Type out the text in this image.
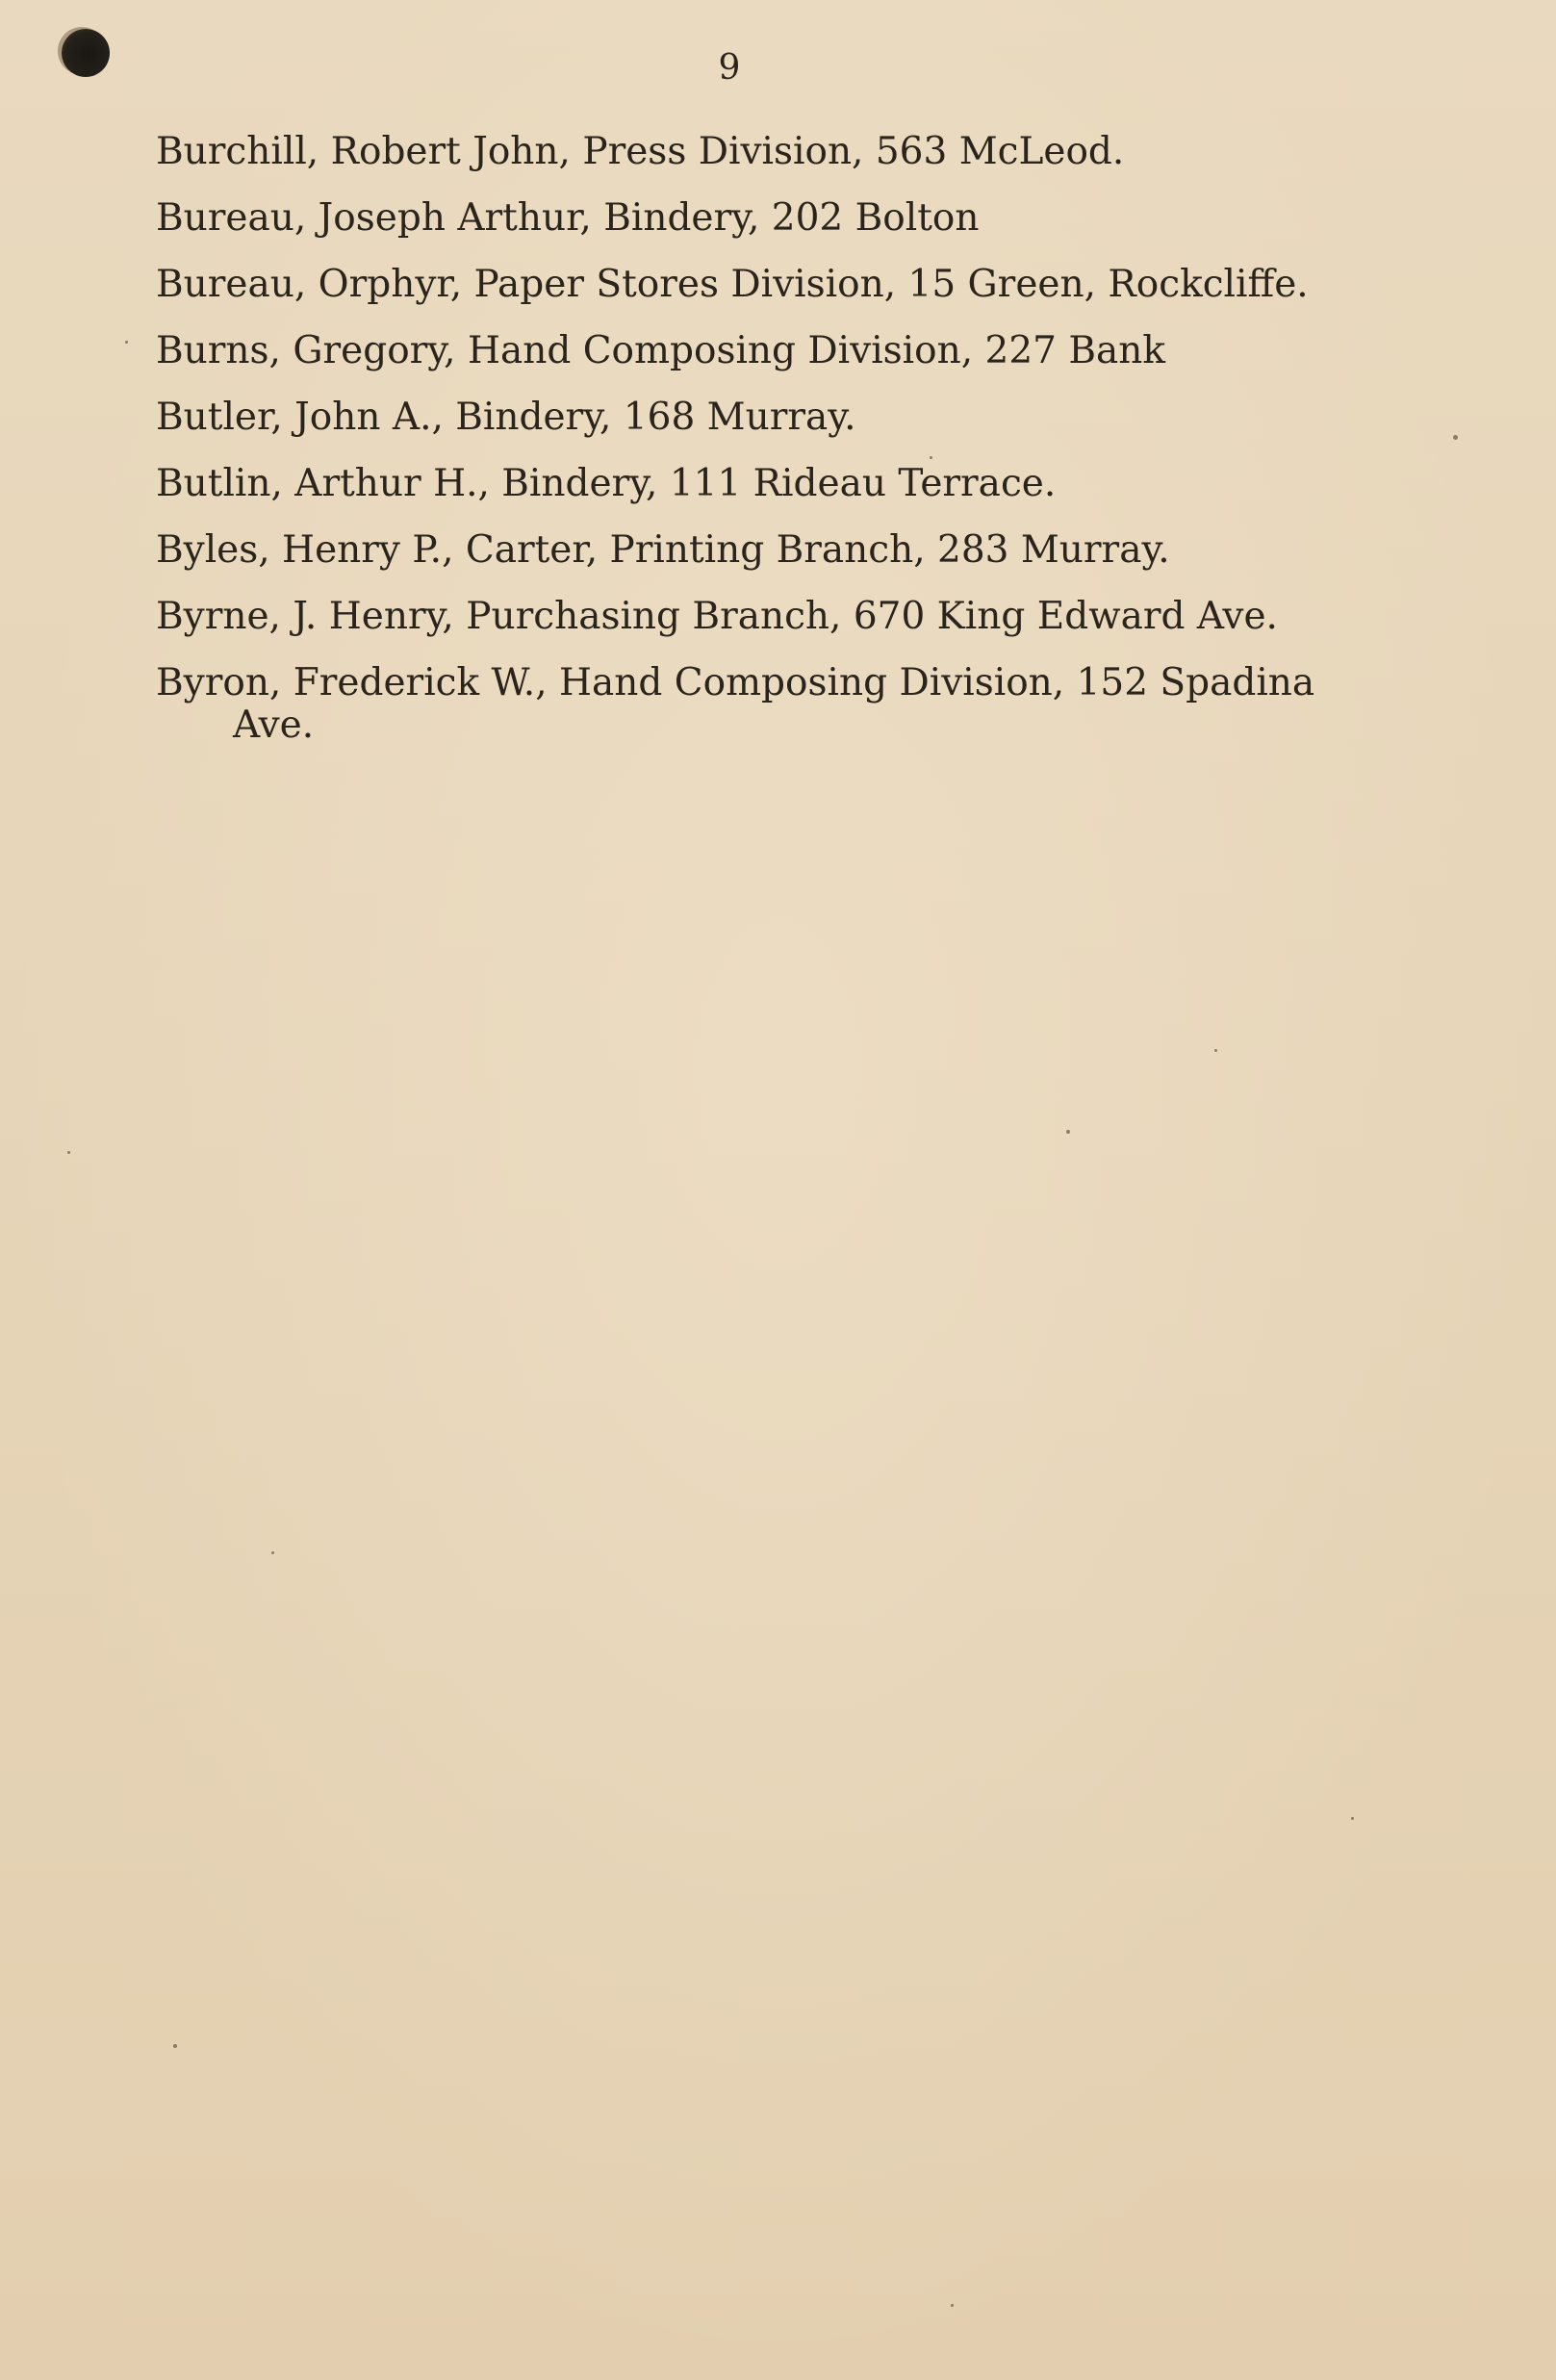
9
Burchill, Robert John, Press Division, 563 McLeod.
Bureau, Joseph Arthur, Bindery, 202 Bolton
Bureau, Orphyr, Paper Stores Division, 15 Green, Rockcliffe.
Burns, Gregory, Hand Composing Division, 227 Bank
Butler, John A., Bindery, 168 Murray.
Butlin, Arthur H., Bindery, 111 Rideau Terrace.
Byles, Henry P., Carter, Printing Branch, 283 Murray.
Byrne, J. Henry, Purchasing Branch, 670 King Edward Ave.
Byron, Frederick W., Hand Composing Division, 152 Spadina Ave.
